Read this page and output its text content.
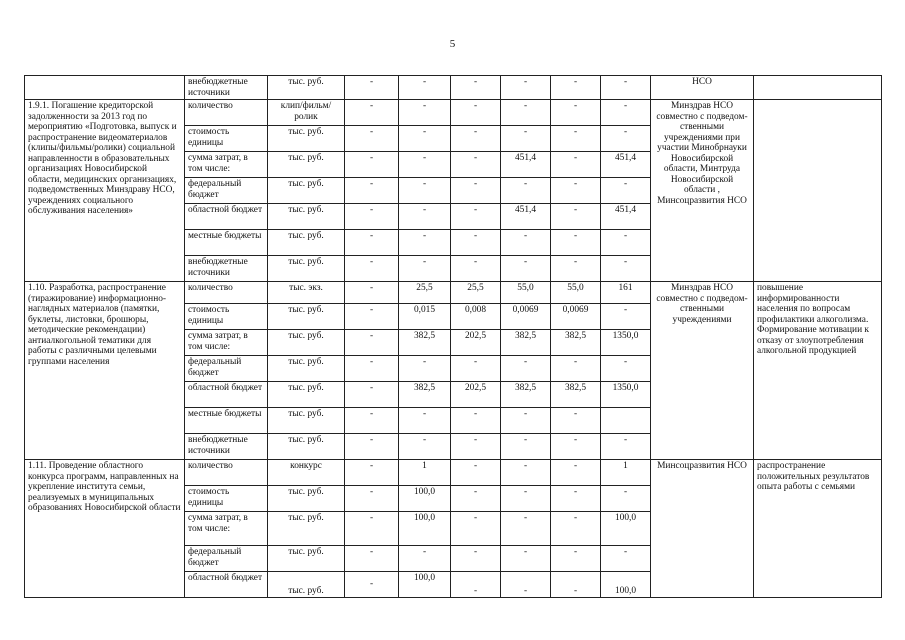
5
	внебюджетные источники	тыс. руб.	-	-	-	-	-	-	НСО	
1.9.1. Погашение кредиторской задолженности за 2013 год по мероприятию «Подготовка, выпуск и распространение видеоматериалов (клипы/фильмы/ролики) социальной направленности в образовательных организациях Новосибирской области, медицинских организациях, подведомственных Минздраву НСО, учреждениях социального обслуживания населения»	количество	клип/фильм/ ролик	-	-	-	-	-	-	Минздрав НСО совместно с подведом-ственными учреждениями при участии Минобрнауки Новосибирской области, Минтруда Новосибирской области , Минсоцразвития НСО	
	стоимость единицы	тыс. руб.	-	-	-	-	-	-		
	сумма затрат, в том числе:	тыс. руб.	-	-	-	451,4	-	451,4		
	федеральный бюджет	тыс. руб.	-	-	-	-	-	-		
	областной бюджет	тыс. руб.	-	-	-	451,4	-	451,4		
	местные бюджеты	тыс. руб.	-	-	-	-	-	-		
	внебюджетные источники	тыс. руб.	-	-	-	-	-	-		
1.10. Разработка, распространение (тиражирование) информационно-наглядных материалов (памятки, буклеты, листовки, брошюры, методические рекомендации) антиалкогольной тематики для работы с различными целевыми группами населения	количество	тыс. экз.	-	25,5	25,5	55,0	55,0	161	Минздрав НСО совместно с подведом-ственными учреждениями	повышение информированности населения по вопросам профилактики алкоголизма. Формирование мотивации к отказу от злоупотребления алкогольной продукцией
	стоимость единицы	тыс. руб.	-	0,015	0,008	0,0069	0,0069	-		
	сумма затрат, в том числе:	тыс. руб.	-	382,5	202,5	382,5	382,5	1350,0		
	федеральный бюджет	тыс. руб.	-	-	-	-	-	-		
	областной бюджет	тыс. руб.	-	382,5	202,5	382,5	382,5	1350,0		
	местные бюджеты	тыс. руб.	-	-	-	-	-			
	внебюджетные источники	тыс. руб.	-	-	-	-	-	-		
1.11. Проведение областного конкурса программ, направленных на укрепление института семьи, реализуемых в муниципальных образованиях Новосибирской области	количество	конкурс	-	1	-	-	-	1	Минсоцразвития НСО	распространение положительных результатов опыта работы с семьями
	стоимость единицы	тыс. руб.	-	100,0	-	-	-	-		
	сумма затрат, в том числе:	тыс. руб.	-	100,0	-	-	-	100,0		
	федеральный бюджет	тыс. руб.	-	-	-	-	-	-		
	областной бюджет	тыс. руб.	-	100,0	-	-	-	100,0		
